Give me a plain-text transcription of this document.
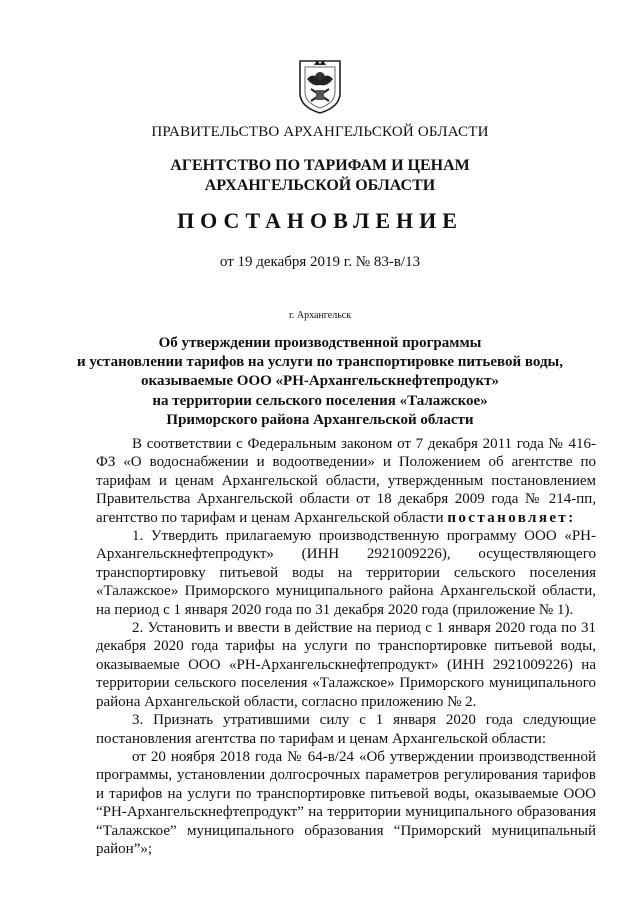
ПРАВИТЕЛЬСТВО АРХАНГЕЛЬСКОЙ ОБЛАСТИ
АГЕНТСТВО ПО ТАРИФАМ И ЦЕНАМ
АРХАНГЕЛЬСКОЙ ОБЛАСТИ
ПОСТАНОВЛЕНИЕ
от 19 декабря 2019 г. № 83-в/13
г. Архангельск
Об утверждении производственной программы
и установлении тарифов на услуги по транспортировке питьевой воды,
оказываемые ООО «РН-Архангельскнефтепродукт»
на территории сельского поселения «Талажское»
Приморского района Архангельской области

В соответствии с Федеральным законом от 7 декабря 2011 года № 416-ФЗ «О водоснабжении и водоотведении» и Положением об агентстве по тарифам и ценам Архангельской области, утвержденным постановлением Правительства Архангельской области от 18 декабря 2009 года № 214-пп, агентство по тарифам и ценам Архангельской области постановляет:

1. Утвердить прилагаемую производственную программу ООО «РН-Архангельскнефтепродукт» (ИНН 2921009226), осуществляющего транспортировку питьевой воды на территории сельского поселения «Талажское» Приморского муниципального района Архангельской области, на период с 1 января 2020 года по 31 декабря 2020 года (приложение № 1).

2. Установить и ввести в действие на период с 1 января 2020 года по 31 декабря 2020 года тарифы на услуги по транспортировке питьевой воды, оказываемые ООО «РН-Архангельскнефтепродукт» (ИНН 2921009226) на территории сельского поселения «Талажское» Приморского муниципального района Архангельской области, согласно приложению № 2.

3. Признать утратившими силу с 1 января 2020 года следующие постановления агентства по тарифам и ценам Архангельской области:

от 20 ноября 2018 года № 64-в/24 «Об утверждении производственной программы, установлении долгосрочных параметров регулирования тарифов и тарифов на услуги по транспортировке питьевой воды, оказываемые ООО “РН-Архангельскнефтепродукт” на территории муниципального образования “Талажское” муниципального образования “Приморский муниципальный район”»;
